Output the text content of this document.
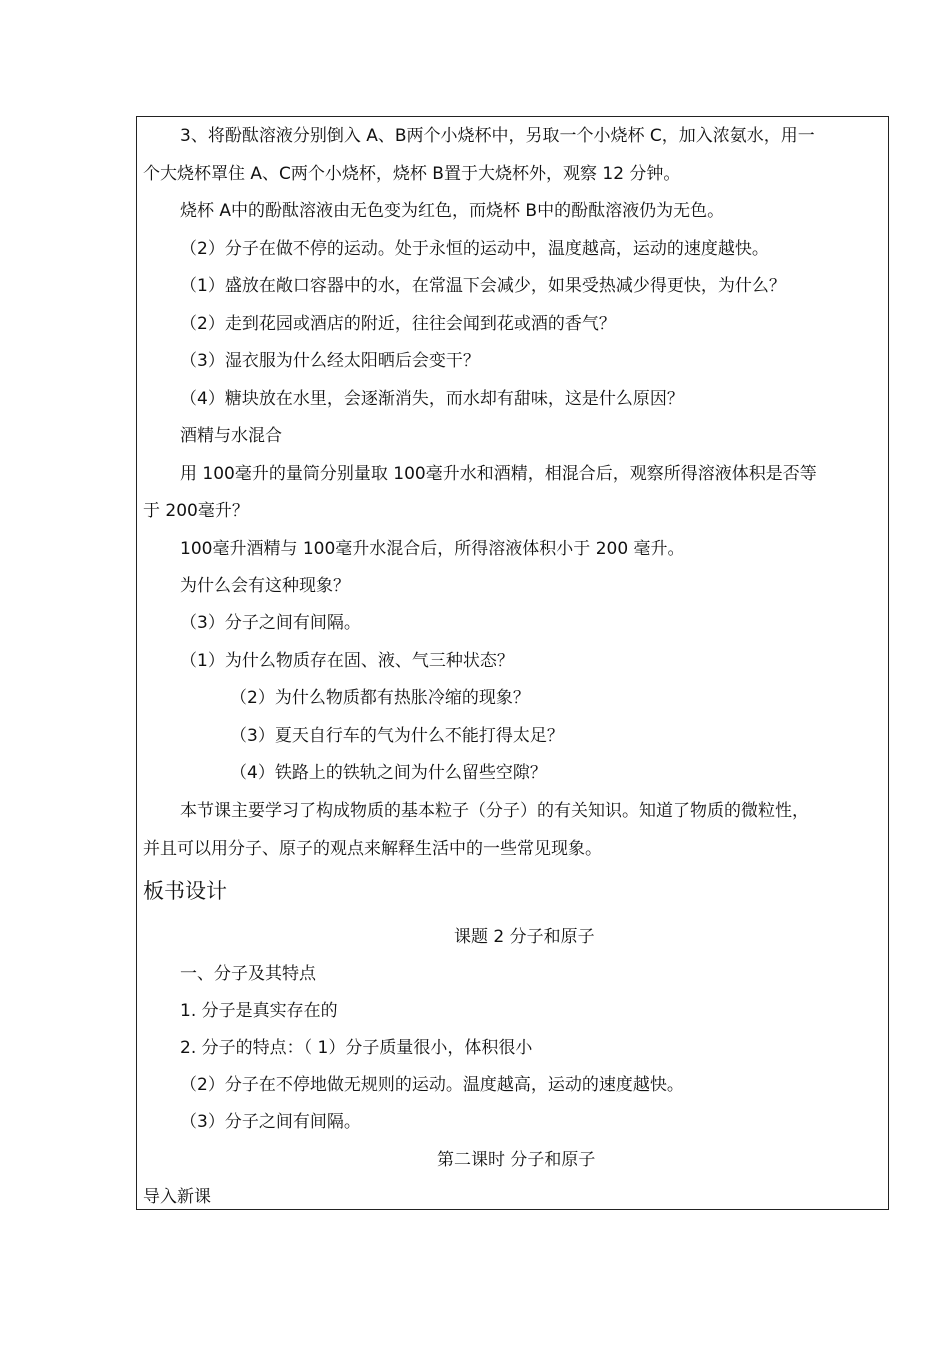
3、将酚酞溶液分别倒入 A、B两个小烧杯中，另取一个小烧杯 C，加入浓氨水，用一
个大烧杯罩住 A、C两个小烧杯，烧杯 B置于大烧杯外，观察 12 分钟。
烧杯 A中的酚酞溶液由无色变为红色，而烧杯 B中的酚酞溶液仍为无色。
（2）分子在做不停的运动。处于永恒的运动中，温度越高，运动的速度越快。
（1）盛放在敞口容器中的水，在常温下会减少，如果受热减少得更快，为什么？
（2）走到花园或酒店的附近，往往会闻到花或酒的香气？
（3）湿衣服为什么经太阳晒后会变干？
（4）糖块放在水里，会逐渐消失，而水却有甜味，这是什么原因？
酒精与水混合
用 100毫升的量筒分别量取 100毫升水和酒精，相混合后，观察所得溶液体积是否等
于 200毫升？
100毫升酒精与 100毫升水混合后，所得溶液体积小于 200 毫升。
为什么会有这种现象？
（3）分子之间有间隔。
（1）为什么物质存在固、液、气三种状态？
（2）为什么物质都有热胀冷缩的现象？
（3）夏天自行车的气为什么不能打得太足？
（4）铁路上的铁轨之间为什么留些空隙？
本节课主要学习了构成物质的基本粒子（分子）的有关知识。知道了物质的微粒性，
并且可以用分子、原子的观点来解释生活中的一些常见现象。
板书设计
课题 2 分子和原子
一、分子及其特点
1. 分子是真实存在的
2. 分子的特点：（ 1）分子质量很小，体积很小
（2）分子在不停地做无规则的运动。温度越高，运动的速度越快。
（3）分子之间有间隔。
第二课时 分子和原子
导入新课
